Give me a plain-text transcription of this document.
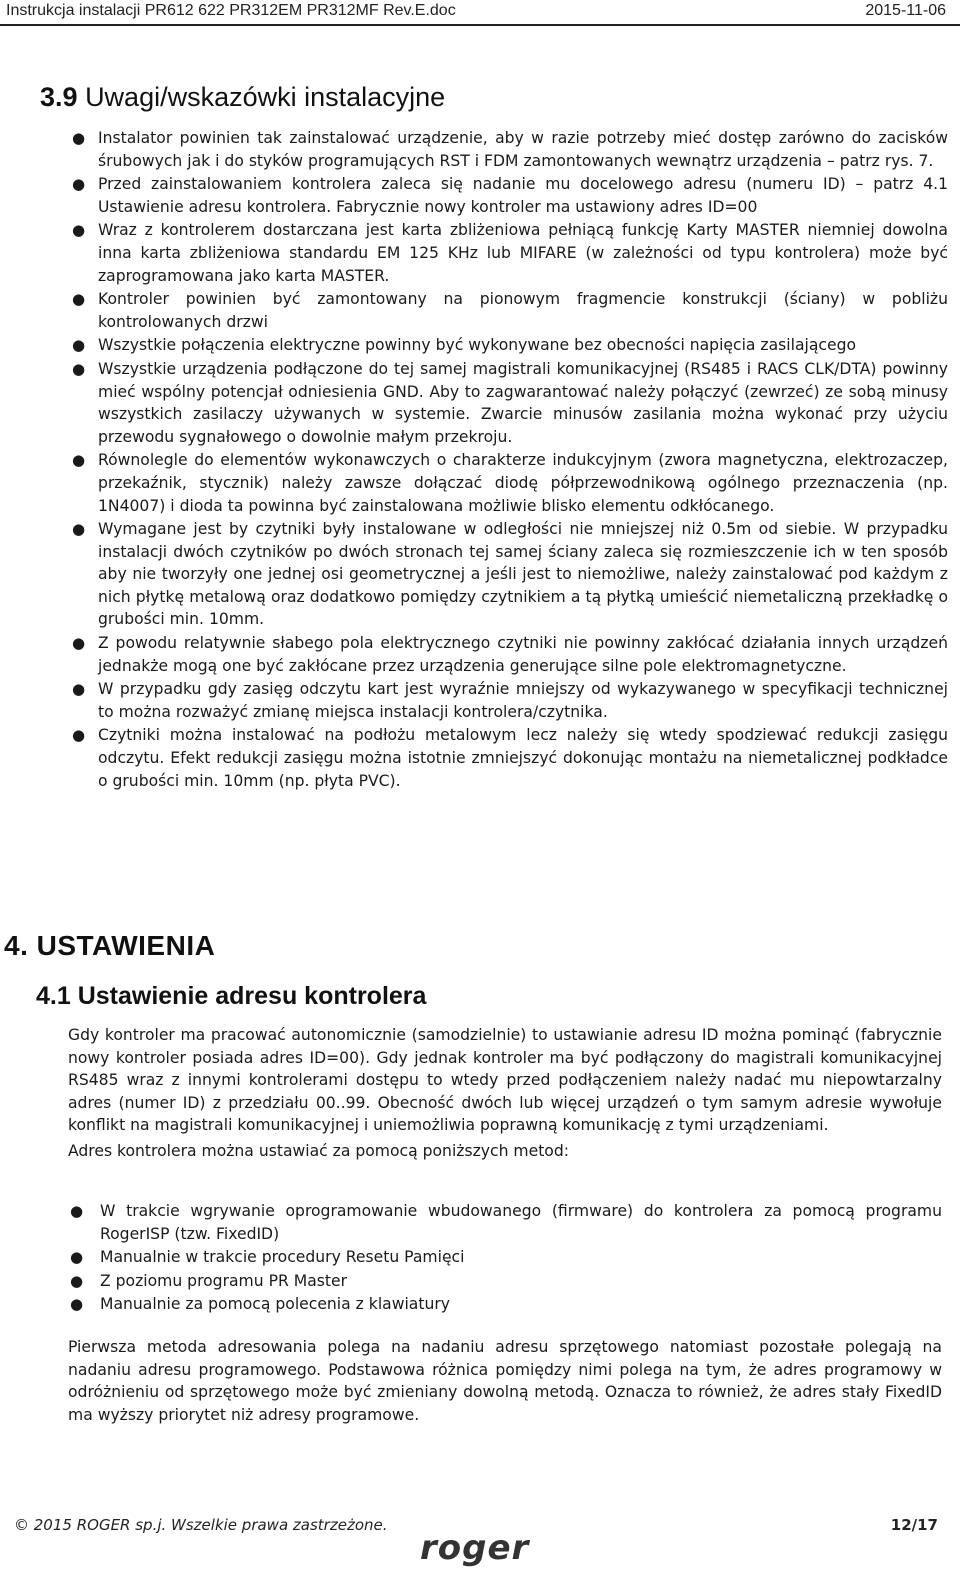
Instrukcja instalacji PR612 622 PR312EM PR312MF Rev.E.doc	2015-11-06
3.9 Uwagi/wskazówki instalacyjne
● Instalator powinien tak zainstalować urządzenie, aby w razie potrzeby mieć dostęp zarówno do zacisków śrubowych jak i do styków programujących RST i FDM zamontowanych wewnątrz urządzenia – patrz rys. 7.
● Przed zainstalowaniem kontrolera zaleca się nadanie mu docelowego adresu (numeru ID) – patrz 4.1 Ustawienie adresu kontrolera. Fabrycznie nowy kontroler ma ustawiony adres ID=00
● Wraz z kontrolerem dostarczana jest karta zbliżeniowa pełniącą funkcję Karty MASTER niemniej dowolna inna karta zbliżeniowa standardu EM 125 KHz lub MIFARE (w zależności od typu kontrolera) może być zaprogramowana jako karta MASTER.
● Kontroler powinien być zamontowany na pionowym fragmencie konstrukcji (ściany) w pobliżu kontrolowanych drzwi
● Wszystkie połączenia elektryczne powinny być wykonywane bez obecności napięcia zasilającego
● Wszystkie urządzenia podłączone do tej samej magistrali komunikacyjnej (RS485 i RACS CLK/DTA) powinny mieć wspólny potencjał odniesienia GND. Aby to zagwarantować należy połączyć (zewrzeć) ze sobą minusy wszystkich zasilaczy używanych w systemie. Zwarcie minusów zasilania można wykonać przy użyciu przewodu sygnałowego o dowolnie małym przekroju.
● Równolegle do elementów wykonawczych o charakterze indukcyjnym (zwora magnetyczna, elektrozaczep, przekaźnik, stycznik) należy zawsze dołączać diodę półprzewodnikową ogólnego przeznaczenia (np. 1N4007) i dioda ta powinna być zainstalowana możliwie blisko elementu odkłócanego.
● Wymagane jest by czytniki były instalowane w odległości nie mniejszej niż 0.5m od siebie. W przypadku instalacji dwóch czytników po dwóch stronach tej samej ściany zaleca się rozmieszczenie ich w ten sposób aby nie tworzyły one jednej osi geometrycznej a jeśli jest to niemożliwe, należy zainstalować pod każdym z nich płytkę metalową oraz dodatkowo pomiędzy czytnikiem a tą płytką umieścić niemetaliczną przekładkę o grubości min. 10mm.
● Z powodu relatywnie słabego pola elektrycznego czytniki nie powinny zakłócać działania innych urządzeń jednakże mogą one być zakłócane przez urządzenia generujące silne pole elektromagnetyczne.
● W przypadku gdy zasięg odczytu kart jest wyraźnie mniejszy od wykazywanego w specyfikacji technicznej to można rozważyć zmianę miejsca instalacji kontrolera/czytnika.
● Czytniki można instalować na podłożu metalowym lecz należy się wtedy spodziewać redukcji zasięgu odczytu. Efekt redukcji zasięgu można istotnie zmniejszyć dokonując montażu na niemetalicznej podkładce o grubości min. 10mm (np. płyta PVC).
4. USTAWIENIA
4.1 Ustawienie adresu kontrolera

Gdy kontroler ma pracować autonomicznie (samodzielnie) to ustawianie adresu ID można pominąć (fabrycznie nowy kontroler posiada adres ID=00). Gdy jednak kontroler ma być podłączony do magistrali komunikacyjnej RS485 wraz z innymi kontrolerami dostępu to wtedy przed podłączeniem należy nadać mu niepowtarzalny adres (numer ID) z przedziału 00..99. Obecność dwóch lub więcej urządzeń o tym samym adresie wywołuje konflikt na magistrali komunikacyjnej i uniemożliwia poprawną komunikację z tymi urządzeniami.

Adres kontrolera można ustawiać za pomocą poniższych metod:

● W trakcie wgrywanie oprogramowanie wbudowanego (firmware) do kontrolera za pomocą programu RogerISP (tzw. FixedID)
● Manualnie w trakcie procedury Resetu Pamięci
● Z poziomu programu PR Master
● Manualnie za pomocą polecenia z klawiatury

Pierwsza metoda adresowania polega na nadaniu adresu sprzętowego natomiast pozostałe polegają na nadaniu adresu programowego. Podstawowa różnica pomiędzy nimi polega na tym, że adres programowy w odróżnieniu od sprzętowego może być zmieniany dowolną metodą. Oznacza to również, że adres stały FixedID ma wyższy priorytet niż adresy programowe.

© 2015 ROGER sp.j. Wszelkie prawa zastrzeżone.	12/17
roger
